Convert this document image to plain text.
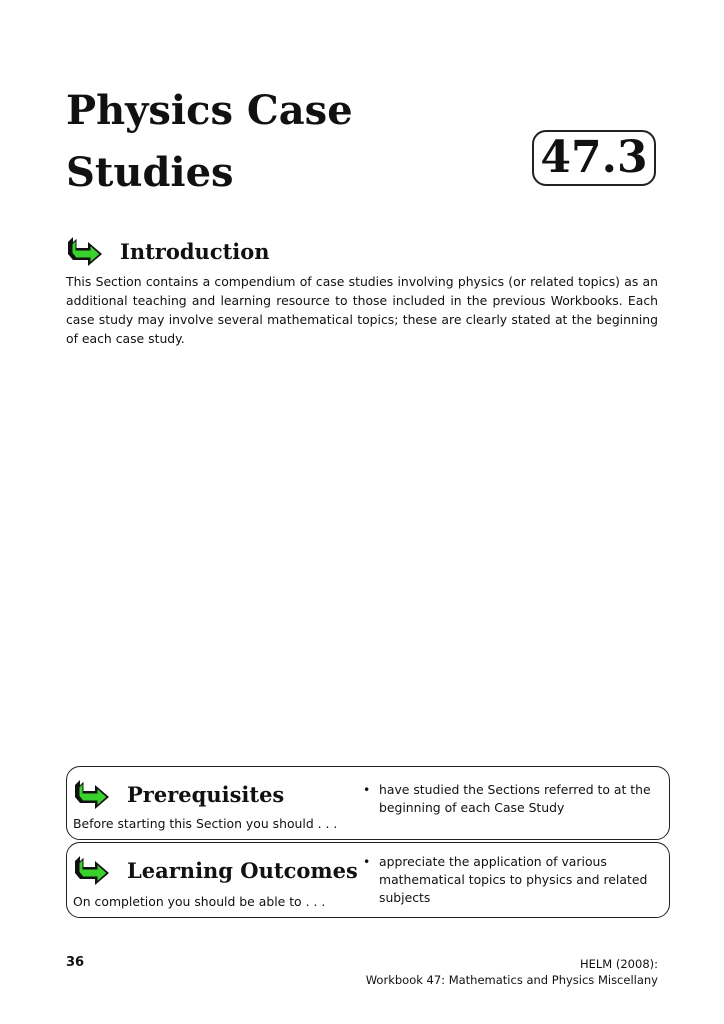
Physics Case
Studies	47.3
Introduction

This Section contains a compendium of case studies involving physics (or related topics) as an additional teaching and learning resource to those included in the previous Workbooks. Each case study may involve several mathematical topics; these are clearly stated at the beginning of each case study.

Prerequisites
Before starting this Section you should . . .
• have studied the Sections referred to at the beginning of each Case Study
Learning Outcomes
On completion you should be able to . . .
• appreciate the application of various mathematical topics to physics and related subjects
36	HELM (2008):
Workbook 47: Mathematics and Physics Miscellany
